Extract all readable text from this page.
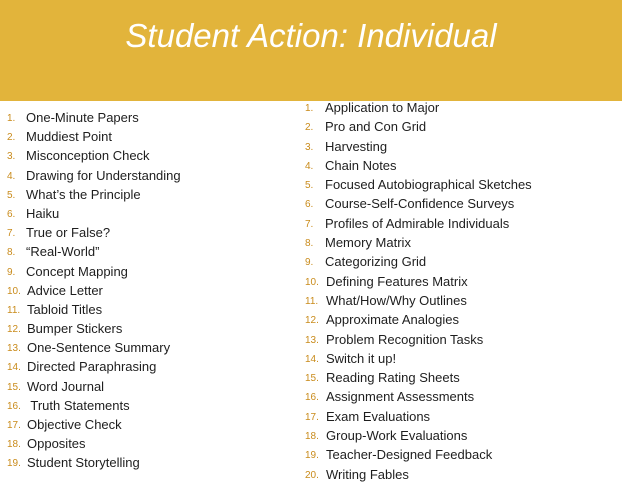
Student Action: Individual
1. One-Minute Papers
2. Muddiest Point
3. Misconception Check
4. Drawing for Understanding
5. What’s the Principle
6. Haiku
7. True or False?
8. “Real-World”
9. Concept Mapping
10. Advice Letter
11. Tabloid Titles
12. Bumper Stickers
13. One-Sentence Summary
14. Directed Paraphrasing
15. Word Journal
16. Truth Statements
17. Objective Check
18. Opposites
19. Student Storytelling
1. Application to Major
2. Pro and Con Grid
3. Harvesting
4. Chain Notes
5. Focused Autobiographical Sketches
6. Course-Self-Confidence Surveys
7. Profiles of Admirable Individuals
8. Memory Matrix
9. Categorizing Grid
10. Defining Features Matrix
11. What/How/Why Outlines
12. Approximate Analogies
13. Problem Recognition Tasks
14. Switch it up!
15. Reading Rating Sheets
16. Assignment Assessments
17. Exam Evaluations
18. Group-Work Evaluations
19. Teacher-Designed Feedback
20. Writing Fables
